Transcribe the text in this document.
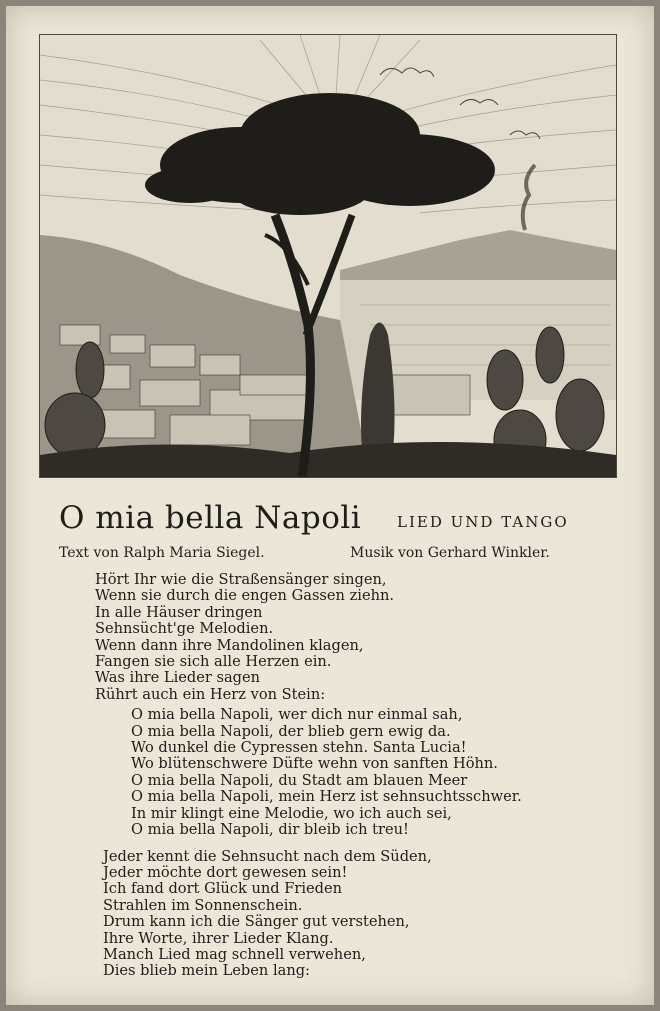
O mia bella Napoli LIED UND TANGO
Text von Ralph Maria Siegel.	Musik von Gerhard Winkler.
Hört Ihr wie die Straßensänger singen,
Wenn sie durch die engen Gassen ziehn.
In alle Häuser dringen
Sehnsücht'ge Melodien.
Wenn dann ihre Mandolinen klagen,
Fangen sie sich alle Herzen ein.
Was ihre Lieder sagen
Rührt auch ein Herz von Stein:
O mia bella Napoli, wer dich nur einmal sah,
O mia bella Napoli, der blieb gern ewig da.
Wo dunkel die Cypressen stehn. Santa Lucia!
Wo blütenschwere Düfte wehn von sanften Höhn.
O mia bella Napoli, du Stadt am blauen Meer
O mia bella Napoli, mein Herz ist sehnsuchtsschwer.
In mir klingt eine Melodie, wo ich auch sei,
O mia bella Napoli, dir bleib ich treu!
Jeder kennt die Sehnsucht nach dem Süden,
Jeder möchte dort gewesen sein!
Ich fand dort Glück und Frieden
Strahlen im Sonnenschein.
Drum kann ich die Sänger gut verstehen,
Ihre Worte, ihrer Lieder Klang.
Manch Lied mag schnell verwehen,
Dies blieb mein Leben lang:
